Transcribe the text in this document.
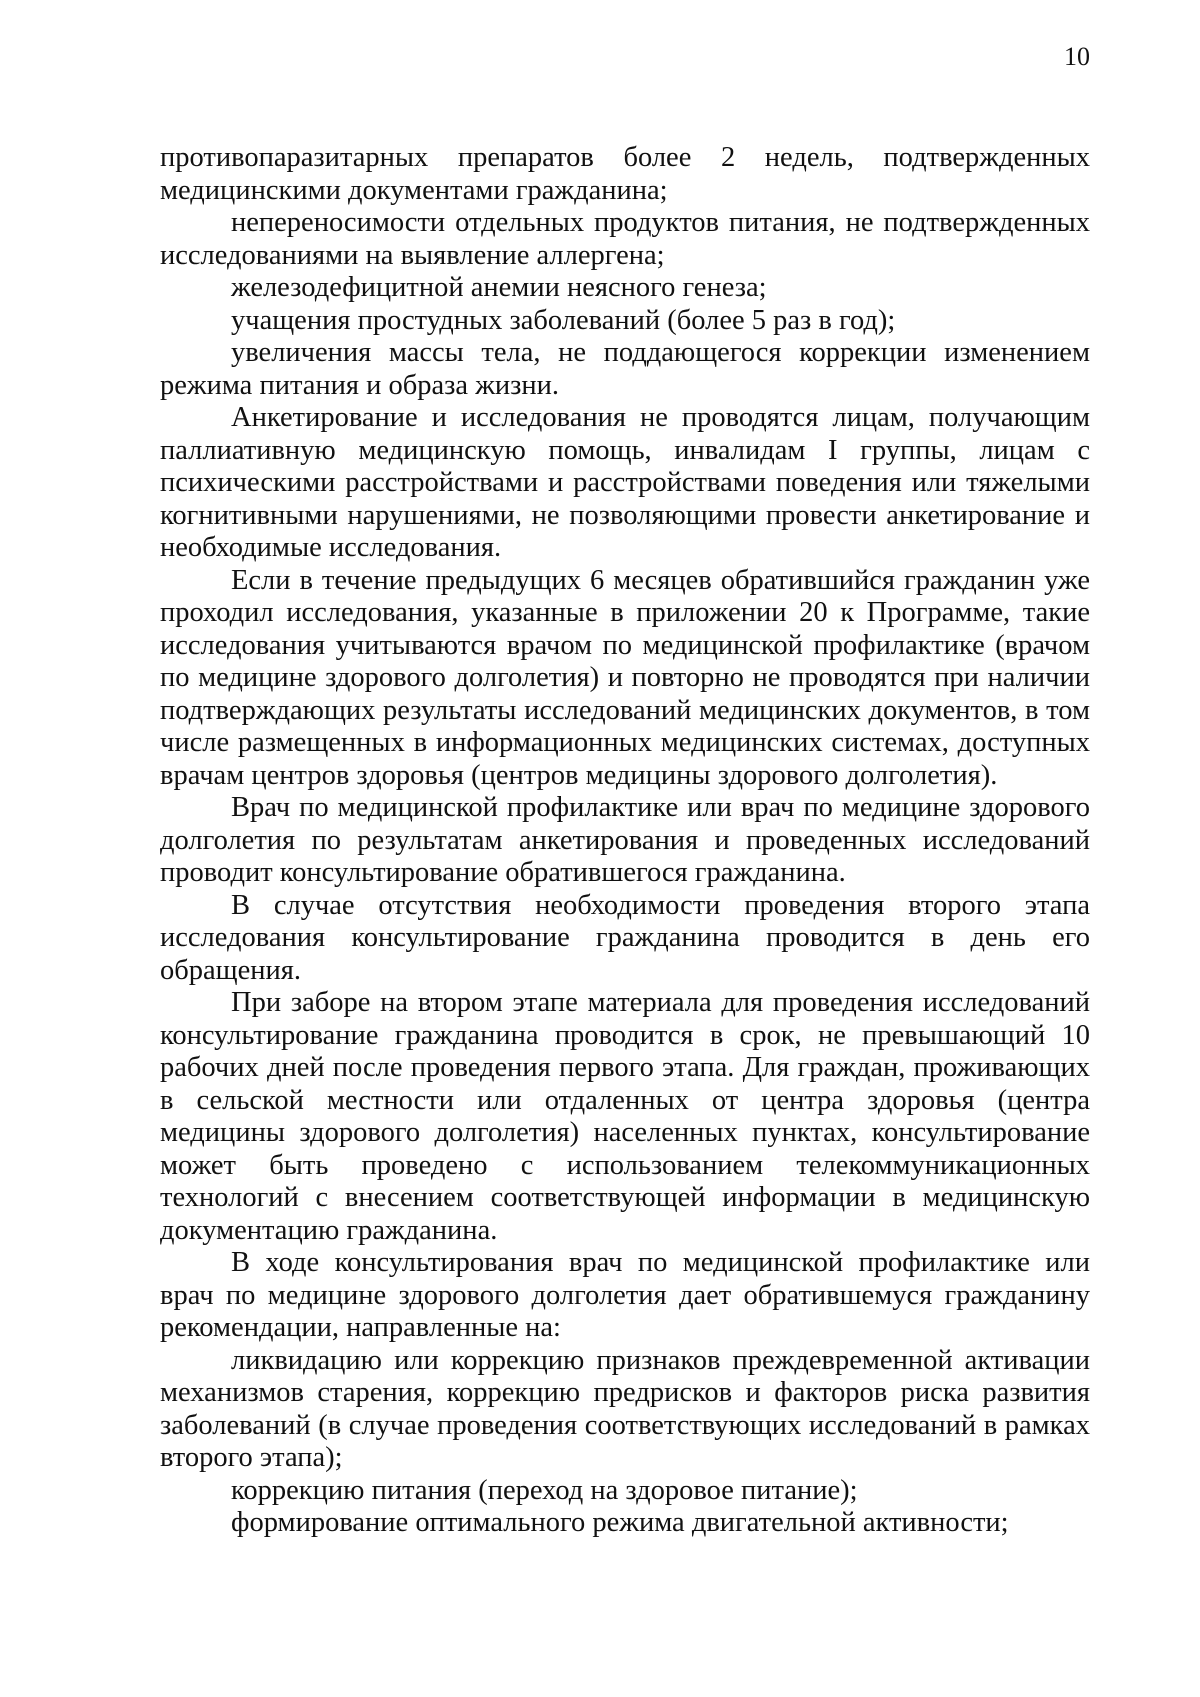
10

противопаразитарных препаратов более 2 недель, подтвержденных медицинскими документами гражданина;

непереносимости отдельных продуктов питания, не подтвержденных исследованиями на выявление аллергена;

железодефицитной анемии неясного генеза;

учащения простудных заболеваний (более 5 раз в год);

увеличения массы тела, не поддающегося коррекции изменением режима питания и образа жизни.

Анкетирование и исследования не проводятся лицам, получающим паллиативную медицинскую помощь, инвалидам I группы, лицам с психическими расстройствами и расстройствами поведения или тяжелыми когнитивными нарушениями, не позволяющими провести анкетирование и необходимые исследования.

Если в течение предыдущих 6 месяцев обратившийся гражданин уже проходил исследования, указанные в приложении 20 к Программе, такие исследования учитываются врачом по медицинской профилактике (врачом по медицине здорового долголетия) и повторно не проводятся при наличии подтверждающих результаты исследований медицинских документов, в том числе размещенных в информационных медицинских системах, доступных врачам центров здоровья (центров медицины здорового долголетия).

Врач по медицинской профилактике или врач по медицине здорового долголетия по результатам анкетирования и проведенных исследований проводит консультирование обратившегося гражданина.

В случае отсутствия необходимости проведения второго этапа исследования консультирование гражданина проводится в день его обращения.

При заборе на втором этапе материала для проведения исследований консультирование гражданина проводится в срок, не превышающий 10 рабочих дней после проведения первого этапа. Для граждан, проживающих в сельской местности или отдаленных от центра здоровья (центра медицины здорового долголетия) населенных пунктах, консультирование может быть проведено с использованием телекоммуникационных технологий с внесением соответствующей информации в медицинскую документацию гражданина.

В ходе консультирования врач по медицинской профилактике или врач по медицине здорового долголетия дает обратившемуся гражданину рекомендации, направленные на:

ликвидацию или коррекцию признаков преждевременной активации механизмов старения, коррекцию предрисков и факторов риска развития заболеваний (в случае проведения соответствующих исследований в рамках второго этапа);

коррекцию питания (переход на здоровое питание);

формирование оптимального режима двигательной активности;
